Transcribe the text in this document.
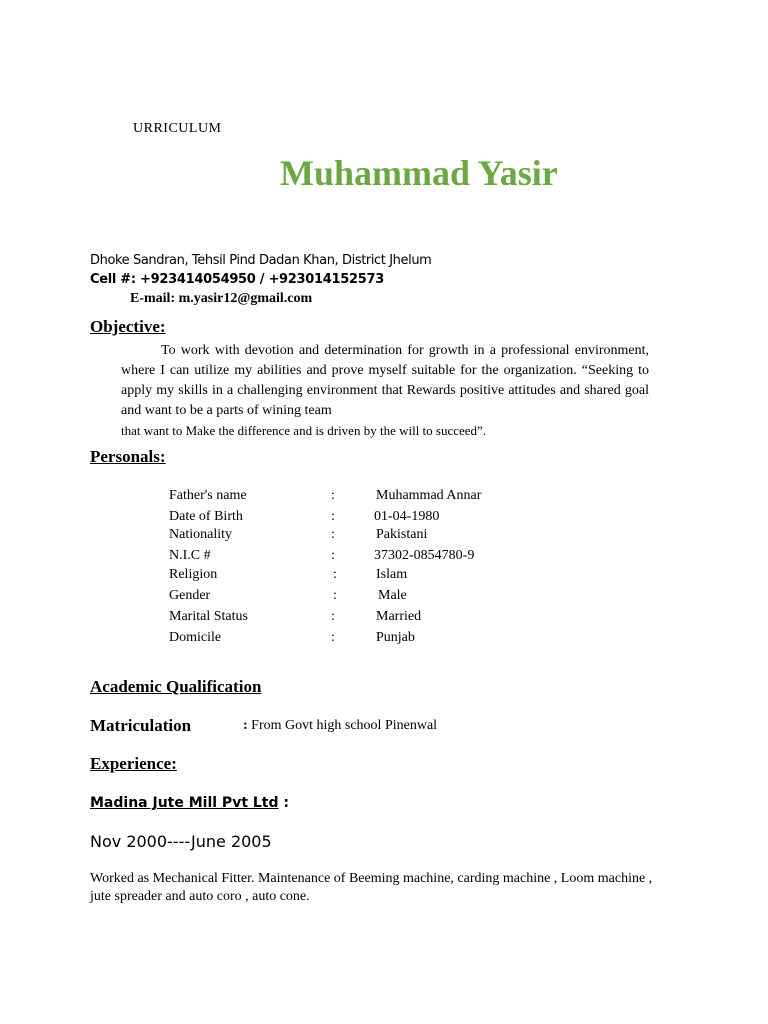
URRICULUM
Muhammad Yasir
Dhoke Sandran, Tehsil Pind Dadan Khan, District Jhelum
Cell #: +923414054950 / +923014152573
E-mail: m.yasir12@gmail.com
Objective:
To work with devotion and determination for growth in a professional environment, where I can utilize my abilities and prove myself suitable for the organization. “Seeking to apply my skills in a challenging environment that Rewards positive attitudes and shared goal and want to be a parts of wining team
that want to Make the difference and is driven by the will to succeed”.
Personals:
Father's name	:	Muhammad Annar
Date of Birth	:	01-04-1980
Nationality	:	Pakistani
N.I.C #	:	37302-0854780-9
Religion	:	Islam
Gender	:	Male
Marital Status	:	Married
Domicile	:	Punjab
Academic Qualification
Matriculation	: From Govt high school Pinenwal
Experience:
Madina Jute Mill Pvt Ltd :
Nov 2000----June 2005
Worked as Mechanical Fitter. Maintenance of Beeming machine, carding machine , Loom machine , jute spreader and auto coro , auto cone.
